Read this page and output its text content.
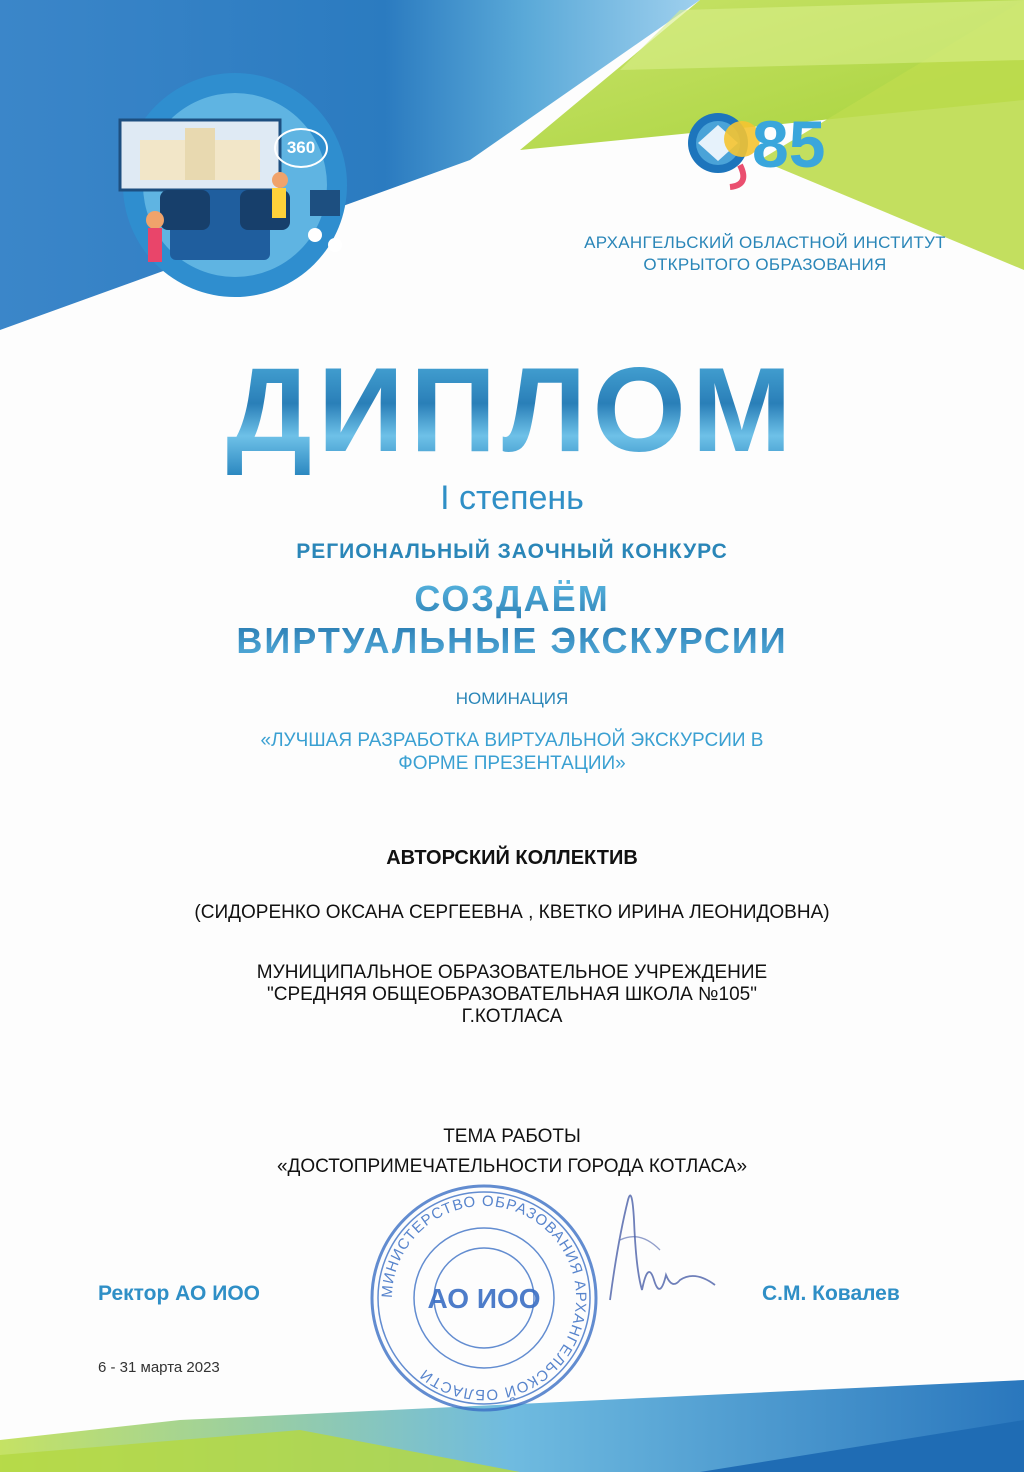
360	85
АРХАНГЕЛЬСКИЙ ОБЛАСТНОЙ ИНСТИТУТ
ОТКРЫТОГО ОБРАЗОВАНИЯ
ДИПЛОМ
I степень
РЕГИОНАЛЬНЫЙ ЗАОЧНЫЙ КОНКУРС
СОЗДАЁМ
ВИРТУАЛЬНЫЕ ЭКСКУРСИИ
НОМИНАЦИЯ
«ЛУЧШАЯ РАЗРАБОТКА ВИРТУАЛЬНОЙ ЭКСКУРСИИ В
ФОРМЕ ПРЕЗЕНТАЦИИ»
АВТОРСКИЙ КОЛЛЕКТИВ
(СИДОРЕНКО ОКСАНА СЕРГЕЕВНА , КВЕТКО ИРИНА ЛЕОНИДОВНА)
МУНИЦИПАЛЬНОЕ ОБРАЗОВАТЕЛЬНОЕ УЧРЕЖДЕНИЕ
"СРЕДНЯЯ ОБЩЕОБРАЗОВАТЕЛЬНАЯ ШКОЛА №105"
Г.КОТЛАСА
ТЕМА РАБОТЫ
«ДОСТОПРИМЕЧАТЕЛЬНОСТИ ГОРОДА КОТЛАСА»
МИНИСТЕРСТВО ОБРАЗОВАНИЯ АРХАНГЕЛЬСКОЙ ОБЛАСТИ
АО ИОО
Ректор АО ИОО	С.М. Ковалев
6 - 31 марта 2023
